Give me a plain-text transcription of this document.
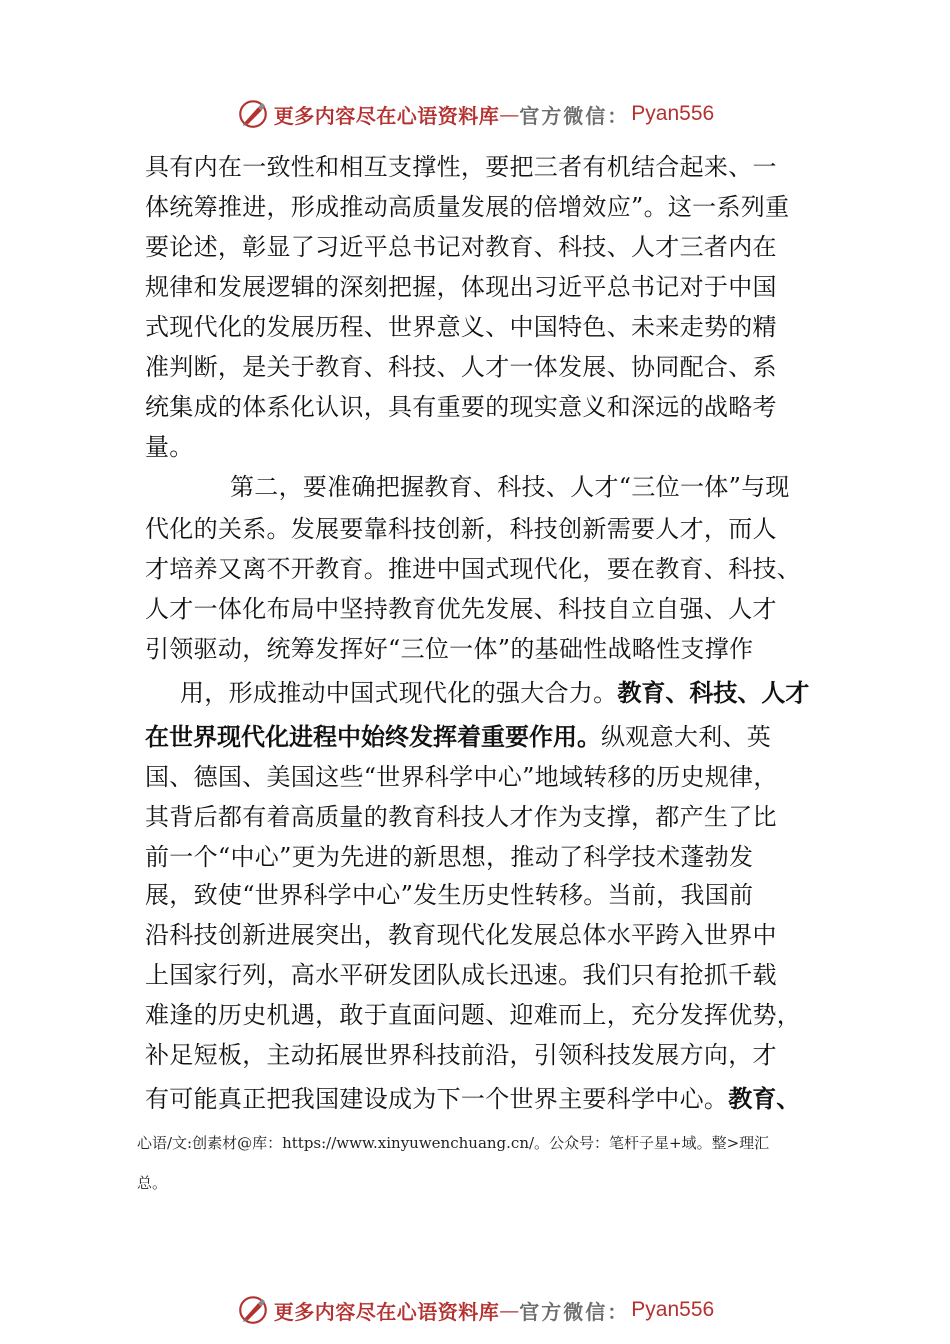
更多内容尽在心语资料库 — 官方微信： Pyan556
具有内在一致性和相互支撑性，要把三者有机结合起来、一
体统筹推进，形成推动高质量发展的倍增效应”。这一系列重
要论述，彰显了习近平总书记对教育、科技、人才三者内在
规律和发展逻辑的深刻把握，体现出习近平总书记对于中国
式现代化的发展历程、世界意义、中国特色、未来走势的精
准判断，是关于教育、科技、人才一体发展、协同配合、系
统集成的体系化认识，具有重要的现实意义和深远的战略考
量。
第二，要准确把握教育、科技、人才“三位一体”与现
代化的关系。发展要靠科技创新，科技创新需要人才，而人
才培养又离不开教育。推进中国式现代化，要在教育、科技、
人才一体化布局中坚持教育优先发展、科技自立自强、人才
引领驱动，统筹发挥好“三位一体”的基础性战略性支撑作
用，形成推动中国式现代化的强大合力。教育、科技、人才
在世界现代化进程中始终发挥着重要作用。纵观意大利、英
国、德国、美国这些“世界科学中心”地域转移的历史规律，
其背后都有着高质量的教育科技人才作为支撑，都产生了比
前一个“中心”更为先进的新思想，推动了科学技术蓬勃发
展，致使“世界科学中心”发生历史性转移。当前，我国前
沿科技创新进展突出，教育现代化发展总体水平跨入世界中
上国家行列，高水平研发团队成长迅速。我们只有抢抓千载
难逢的历史机遇，敢于直面问题、迎难而上，充分发挥优势，
补足短板，主动拓展世界科技前沿，引领科技发展方向，才
有可能真正把我国建设成为下一个世界主要科学中心。教育、
心语/文:创素材@库：https://www.xinyuwenchuang.cn/。公众号：笔杆子星+域。整>理汇
总。
更多内容尽在心语资料库 — 官方微信： Pyan556
